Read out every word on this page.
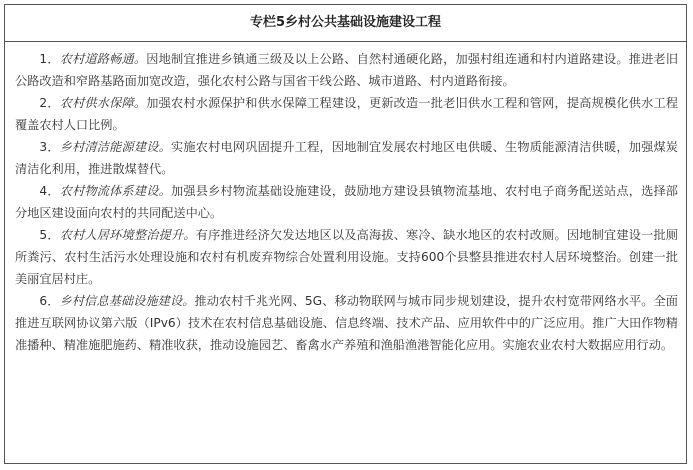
专栏5乡村公共基础设施建设工程

1．农村道路畅通。因地制宜推进乡镇通三级及以上公路、自然村通硬化路，加强村组连通和村内道路建设。推进老旧公路改造和窄路基路面加宽改造，强化农村公路与国省干线公路、城市道路、村内道路衔接。

2．农村供水保障。加强农村水源保护和供水保障工程建设，更新改造一批老旧供水工程和管网，提高规模化供水工程覆盖农村人口比例。

3．乡村清洁能源建设。实施农村电网巩固提升工程，因地制宜发展农村地区电供暖、生物质能源清洁供暖，加强煤炭清洁化利用，推进散煤替代。

4．农村物流体系建设。加强县乡村物流基础设施建设，鼓励地方建设县镇物流基地、农村电子商务配送站点，选择部分地区建设面向农村的共同配送中心。

5．农村人居环境整治提升。有序推进经济欠发达地区以及高海拔、寒冷、缺水地区的农村改厕。因地制宜建设一批厕所粪污、农村生活污水处理设施和农村有机废弃物综合处置利用设施。支持600个县整县推进农村人居环境整治。创建一批美丽宜居村庄。

6．乡村信息基础设施建设。推动农村千兆光网、5G、移动物联网与城市同步规划建设，提升农村宽带网络水平。全面推进互联网协议第六版（IPv6）技术在农村信息基础设施、信息终端、技术产品、应用软件中的广泛应用。推广大田作物精准播种、精准施肥施药、精准收获，推动设施园艺、畜禽水产养殖和渔船渔港智能化应用。实施农业农村大数据应用行动。
